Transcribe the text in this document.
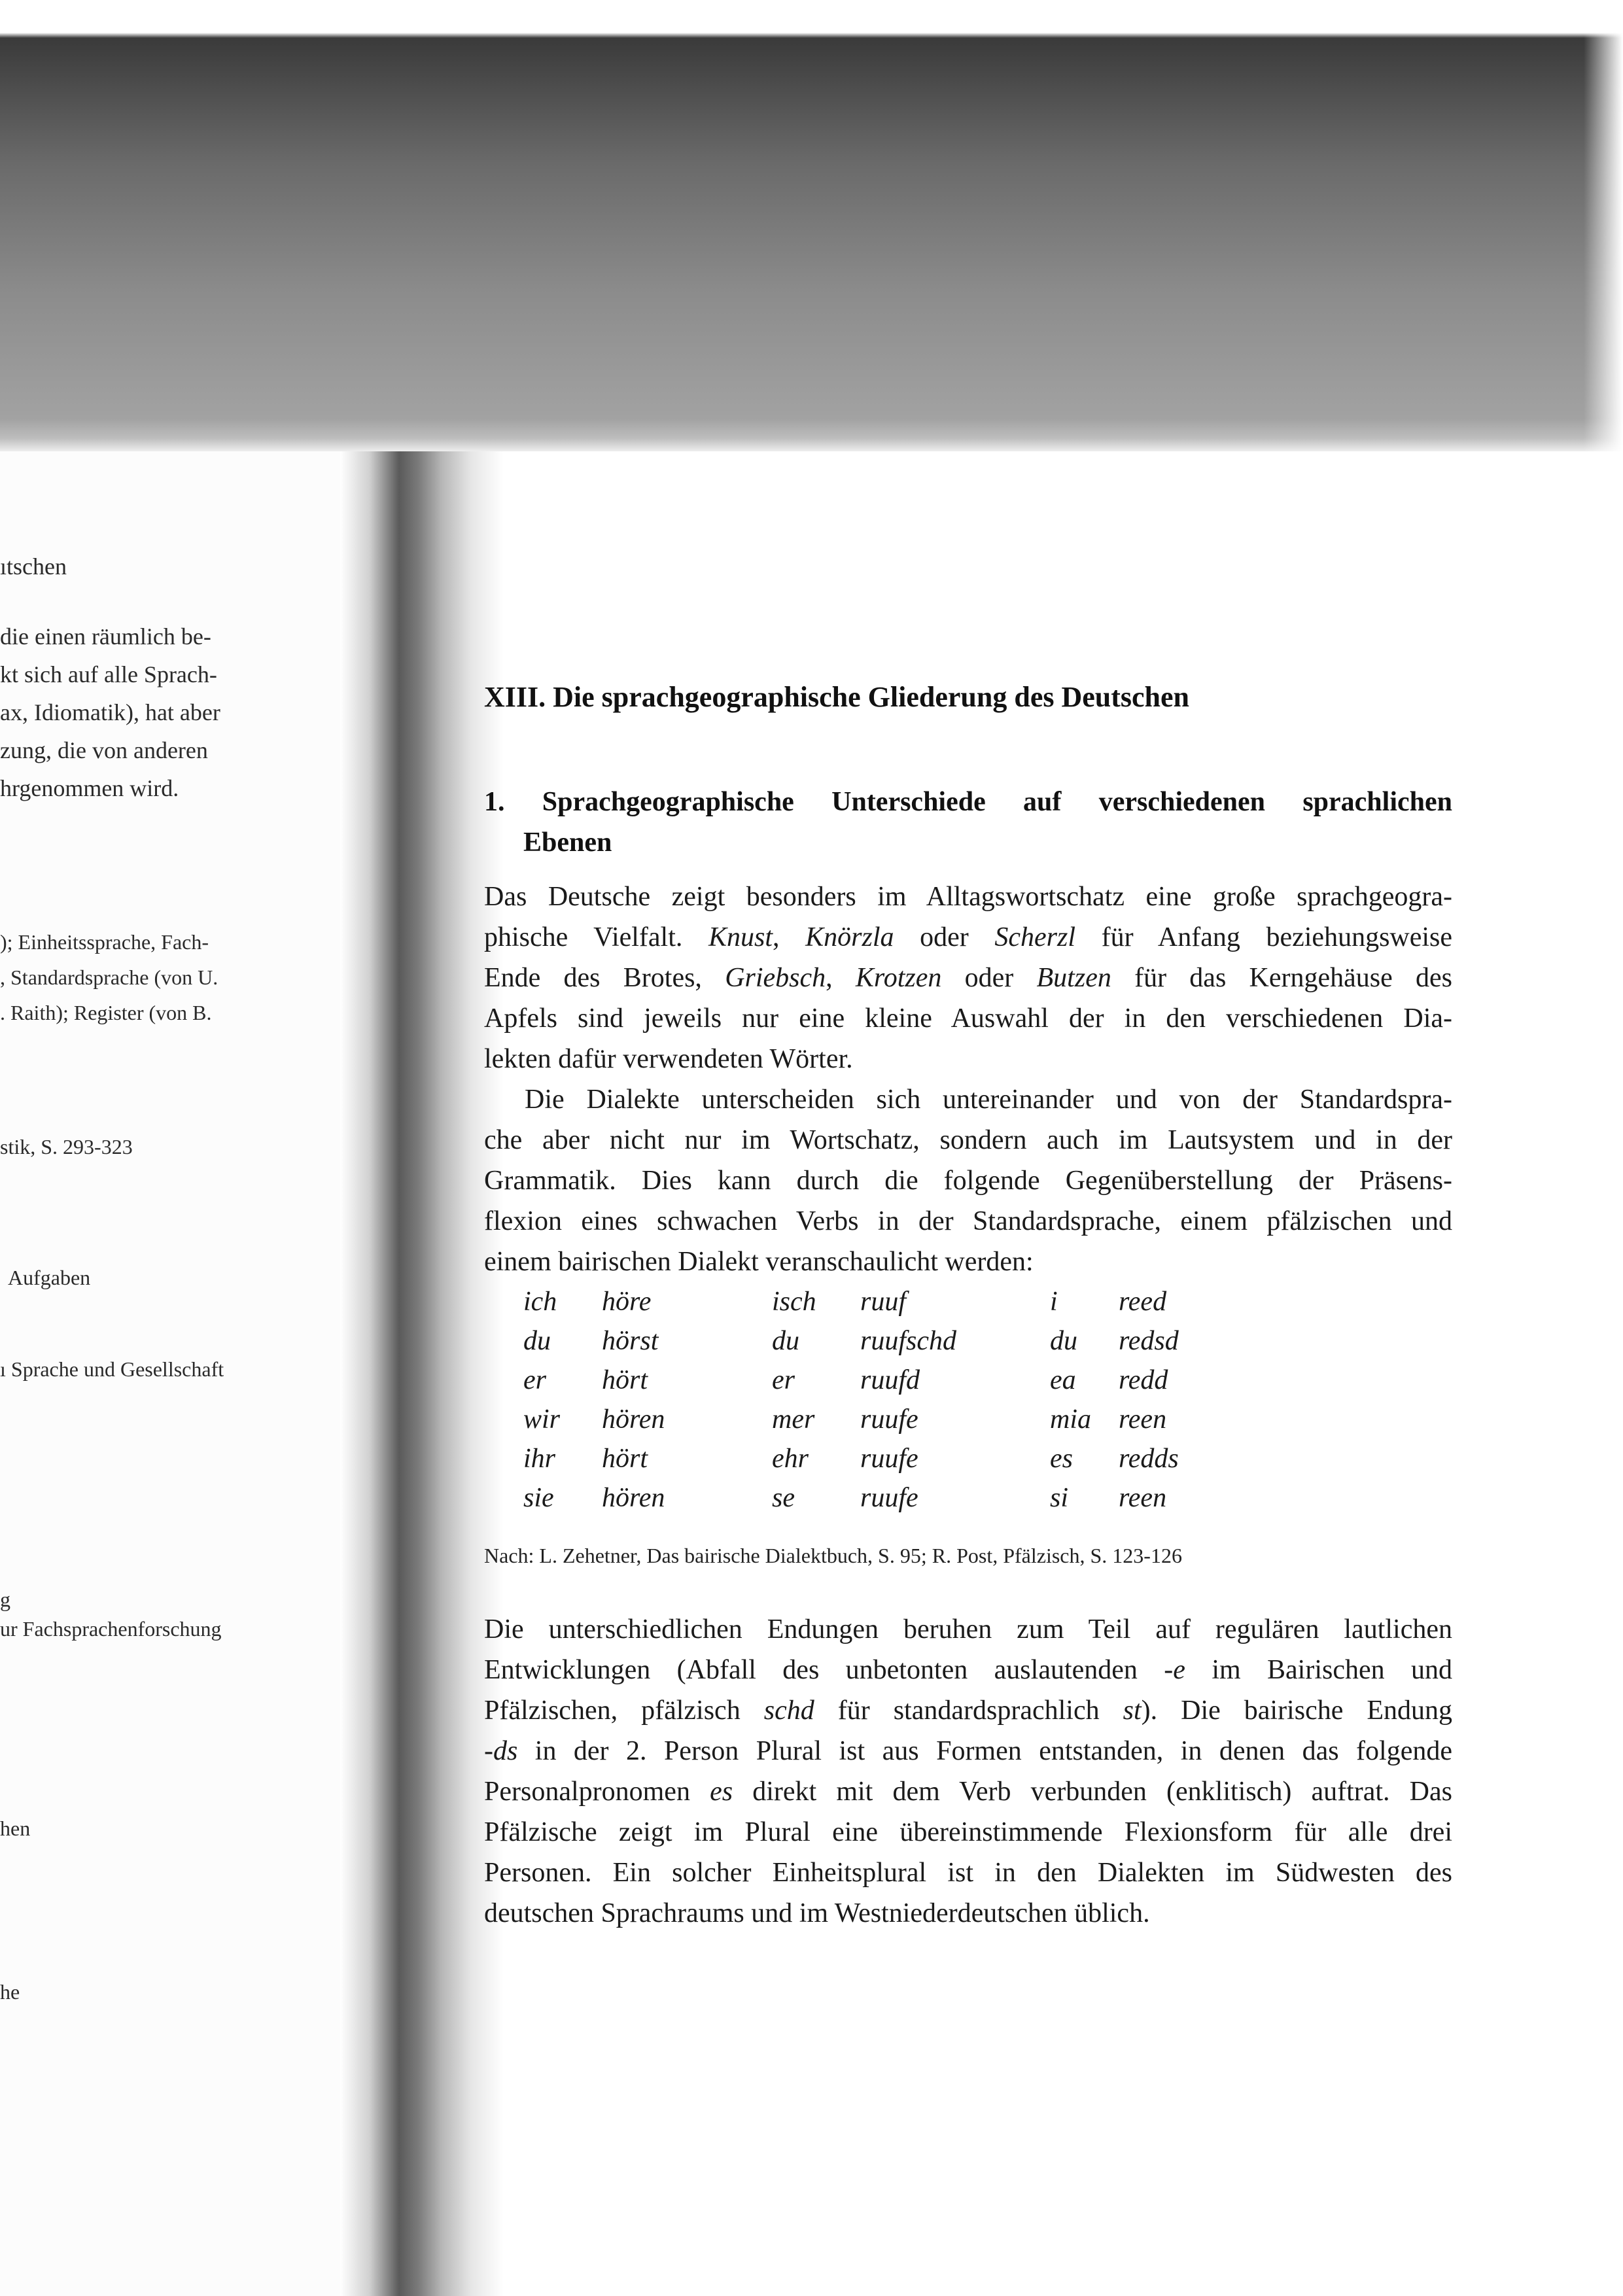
ıtschen

die einen räumlich be-

kt sich auf alle Sprach-

ax, Idiomatik), hat aber

zung, die von anderen

hrgenommen wird.

); Einheitssprache, Fach-

, Standardsprache (von U.

. Raith); Register (von B.

stik, S. 293-323

Aufgaben

ı Sprache und Gesellschaft

g

ur Fachsprachenforschung

hen

he

XIII. Die sprachgeographische Gliederung des Deutschen
1. Sprachgeographische Unterschiede auf verschiedenen sprachlichen
Ebenen
Das Deutsche zeigt besonders im Alltagswortschatz eine große sprachgeogra-
phische Vielfalt. Knust, Knörzla oder Scherzl für Anfang beziehungsweise
Ende des Brotes, Griebsch, Krotzen oder Butzen für das Kerngehäuse des
Apfels sind jeweils nur eine kleine Auswahl der in den verschiedenen Dia-
lekten dafür verwendeten Wörter.
Die Dialekte unterscheiden sich untereinander und von der Standardspra-
che aber nicht nur im Wortschatz, sondern auch im Lautsystem und in der
Grammatik. Dies kann durch die folgende Gegenüberstellung der Präsens-
flexion eines schwachen Verbs in der Standardsprache, einem pfälzischen und
einem bairischen Dialekt veranschaulicht werden:
ich höre
du hörst
er hört
wir hören
ihr hört
sie hören
isch ruuf
du ruufschd
er ruufd
mer ruufe
ehr ruufe
se ruufe
i reed
du redsd
ea redd
mia reen
es redds
si reen

Nach: L. Zehetner, Das bairische Dialektbuch, S. 95; R. Post, Pfälzisch, S. 123-126

Die unterschiedlichen Endungen beruhen zum Teil auf regulären lautlichen
Entwicklungen (Abfall des unbetonten auslautenden -e im Bairischen und
Pfälzischen, pfälzisch schd für standardsprachlich st). Die bairische Endung
-ds in der 2. Person Plural ist aus Formen entstanden, in denen das folgende
Personalpronomen es direkt mit dem Verb verbunden (enklitisch) auftrat. Das
Pfälzische zeigt im Plural eine übereinstimmende Flexionsform für alle drei
Personen. Ein solcher Einheitsplural ist in den Dialekten im Südwesten des
deutschen Sprachraums und im Westniederdeutschen üblich.
